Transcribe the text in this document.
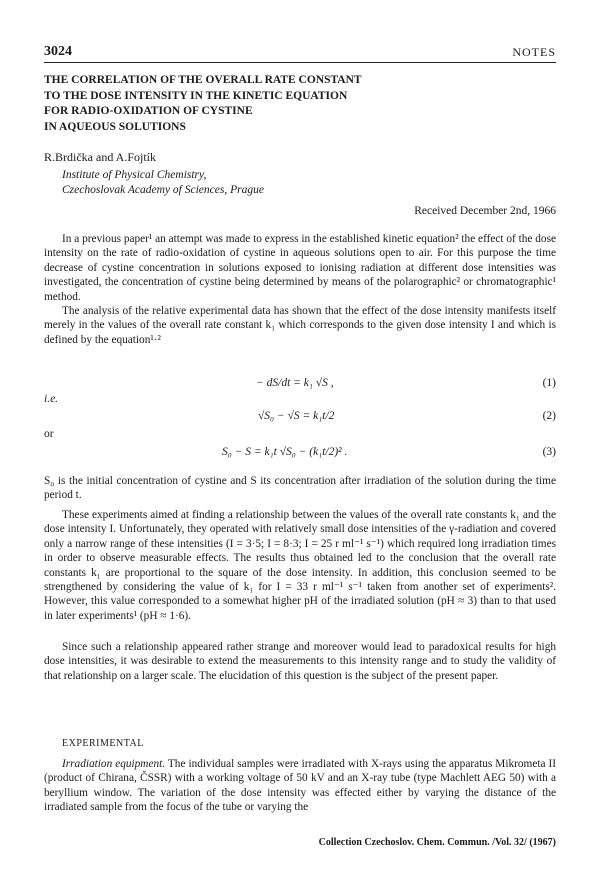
3024	NOTES
THE CORRELATION OF THE OVERALL RATE CONSTANT
TO THE DOSE INTENSITY IN THE KINETIC EQUATION
FOR RADIO-OXIDATION OF CYSTINE
IN AQUEOUS SOLUTIONS
R.Brdička and A.Fojtík
Institute of Physical Chemistry,
Czechoslovak Academy of Sciences, Prague
Received December 2nd, 1966
In a previous paper¹ an attempt was made to express in the established kinetic equation² the effect of the dose intensity on the rate of radio-oxidation of cystine in aqueous solutions open to air. For this purpose the time decrease of cystine concentration in solutions exposed to ionising radiation at different dose intensities was investigated, the concentration of cystine being determined by means of the polarographic² or chromatographic¹ method.
The analysis of the relative experimental data has shown that the effect of the dose intensity manifests itself merely in the values of the overall rate constant k₁ which corresponds to the given dose intensity I and which is defined by the equation¹·²
− dS/dt = k₁ √S ,	(1)
i.e.
√S₀ − √S = k₁t/2	(2)
or
S₀ − S = k₁t √S₀ − (k₁t/2)² .	(3)
S₀ is the initial concentration of cystine and S its concentration after irradiation of the solution during the time period t.
These experiments aimed at finding a relationship between the values of the overall rate constants k₁ and the dose intensity I. Unfortunately, they operated with relatively small dose intensities of the γ-radiation and covered only a narrow range of these intensities (I = 3·5; I = 8·3; I = 25 r ml⁻¹ s⁻¹) which required long irradiation times in order to observe measurable effects. The results thus obtained led to the conclusion that the overall rate constants k₁ are proportional to the square of the dose intensity. In addition, this conclusion seemed to be strengthened by considering the value of k₁ for I = 33 r ml⁻¹ s⁻¹ taken from another set of experiments². However, this value corresponded to a somewhat higher pH of the irradiated solution (pH ≈ 3) than to that used in later experiments¹ (pH ≈ 1·6).
Since such a relationship appeared rather strange and moreover would lead to paradoxical results for high dose intensities, it was desirable to extend the measurements to this intensity range and to study the validity of that relationship on a larger scale. The elucidation of this question is the subject of the present paper.
EXPERIMENTAL
Irradiation equipment. The individual samples were irradiated with X-rays using the apparatus Mikrometa II (product of Chirana, ČSSR) with a working voltage of 50 kV and an X-ray tube (type Machlett AEG 50) with a beryllium window. The variation of the dose intensity was effected either by varying the distance of the irradiated sample from the focus of the tube or varying the
Collection Czechoslov. Chem. Commun. /Vol. 32/ (1967)
